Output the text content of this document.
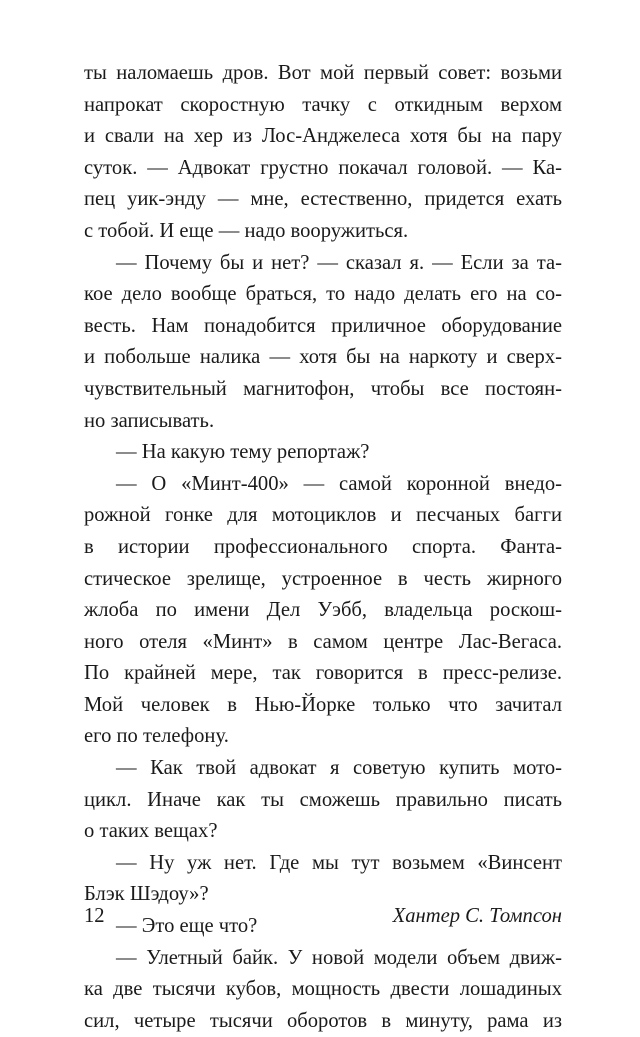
ты наломаешь дров. Вот мой первый совет: возьми
напрокат скоростную тачку с откидным верхом
и свали на хер из Лос-Анджелеса хотя бы на пару
суток. — Адвокат грустно покачал головой. — Ка-
пец уик-энду — мне, естественно, придется ехать
с тобой. И еще — надо вооружиться.
— Почему бы и нет? — сказал я. — Если за та-
кое дело вообще браться, то надо делать его на со-
весть. Нам понадобится приличное оборудование
и побольше налика — хотя бы на наркоту и сверх-
чувствительный магнитофон, чтобы все постоян-
но записывать.
— На какую тему репортаж?
— О «Минт-400» — самой коронной внедо-
рожной гонке для мотоциклов и песчаных багги
в истории профессионального спорта. Фанта-
стическое зрелище, устроенное в честь жирного
жлоба по имени Дел Уэбб, владельца роскош-
ного отеля «Минт» в самом центре Лас-Вегаса.
По крайней мере, так говорится в пресс-релизе.
Мой человек в Нью-Йорке только что зачитал
его по телефону.
— Как твой адвокат я советую купить мото-
цикл. Иначе как ты сможешь правильно писать
о таких вещах?
— Ну уж нет. Где мы тут возьмем «Винсент
Блэк Шэдоу»?
— Это еще что?
— Улетный байк. У новой модели объем движ-
ка две тысячи кубов, мощность двести лошадиных
сил, четыре тысячи оборотов в минуту, рама из
12	Хантер С. Томпсон
